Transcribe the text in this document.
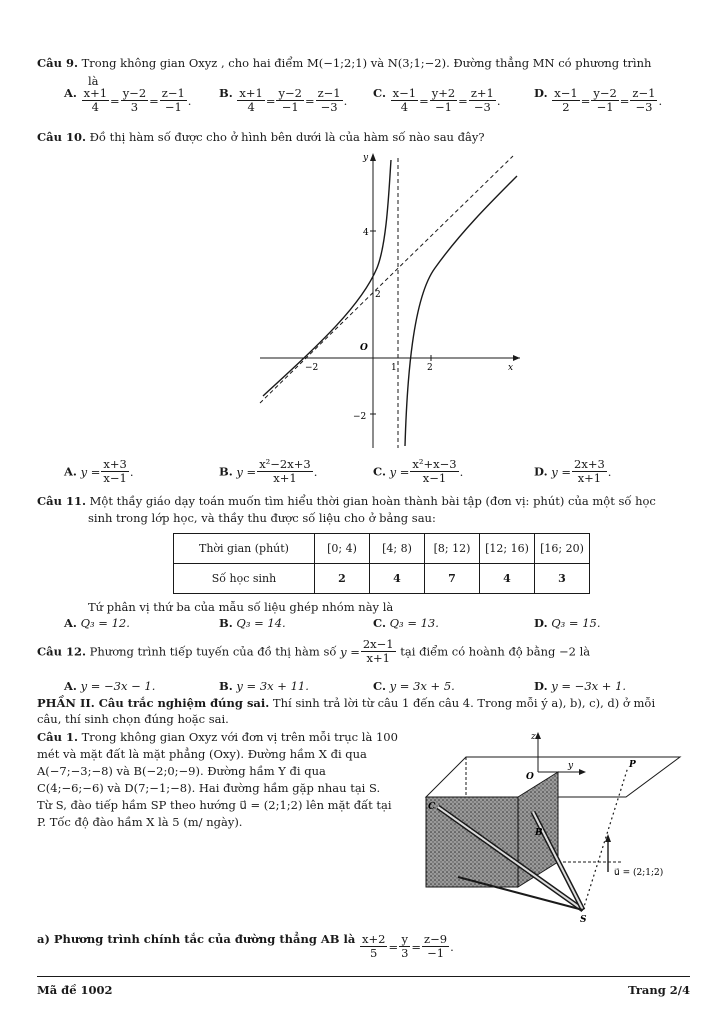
Câu 9. Trong không gian Oxyz , cho hai điểm M(−1;2;1) và N(3;1;−2). Đường thẳng MN có phương trình
là
A. $\frac{x+1}{4} = \frac{y-2}{3} = \frac{z-1}{-1}$ .
B. $\frac{x+1}{4} = \frac{y-2}{-1} = \frac{z-1}{-3}$ .
C. $\frac{x-1}{4} = \frac{y+2}{-1} = \frac{z+1}{-3}$ .
D. $\frac{x-1}{2} = \frac{y-2}{-1} = \frac{z-1}{-3}$ .
Câu 10. Đồ thị hàm số được cho ở hình bên dưới là của hàm số nào sau đây?
y
x
O
4
2
−2
−2	1	2
A. $y = \frac{x+3}{x-1}$ .	B. $y = \frac{\text{x²−2x+3}}{x+1}$ .	C. $y = \frac{\text{x²+x−3}}{x-1}$ .	D. $y = \frac{2x+3}{x+1}$ .
Câu 11. Một thầy giáo dạy toán muốn tìm hiểu thời gian hoàn thành bài tập (đơn vị: phút) của một số học
sinh trong lớp học, và thầy thu được số liệu cho ở bảng sau:
Thời gian (phút)	[0; 4)	[4; 8)	[8; 12)	[12; 16)	[16; 20)
Số học sinh	2	4	7	4	3
Tứ phân vị thứ ba của mẫu số liệu ghép nhóm này là
A. Q₃ = 12.	B. Q₃ = 14.	C. Q₃ = 13.	D. Q₃ = 15.
Câu 12. Phương trình tiếp tuyến của đồ thị hàm số $y = \frac{2x-1}{x+1}$ tại điểm có hoành độ bằng −2 là
A. y = −3x − 1.	B. y = 3x + 11.	C. y = 3x + 5.	D. y = −3x + 1.
PHẦN II. Câu trắc nghiệm đúng sai. Thí sinh trả lời từ câu 1 đến câu 4. Trong mỗi ý a), b), c), d) ở mỗi
câu, thí sinh chọn đúng hoặc sai.
Câu 1. Trong không gian Oxyz với đơn vị trên mỗi trục là 100
mét và mặt đất là mặt phẳng (Oxy). Đường hầm X đi qua
A(−7;−3;−8) và B(−2;0;−9). Đường hầm Y đi qua
C(4;−6;−6) và D(7;−1;−8). Hai đường hầm gặp nhau tại S.
Từ S, đào tiếp hầm SP theo hướng u⃗ = (2;1;2) lên mặt đất tại
P. Tốc độ đào hầm X là 5 (m/ ngày).
z
y
O
P
S
C
B
u⃗ = (2;1;2)
a) Phương trình chính tắc của đường thẳng AB là $\frac{x+2}{5} = \frac{y}{3} = \frac{z-9}{-1}$ .
Mã đề 1002	Trang 2/4
